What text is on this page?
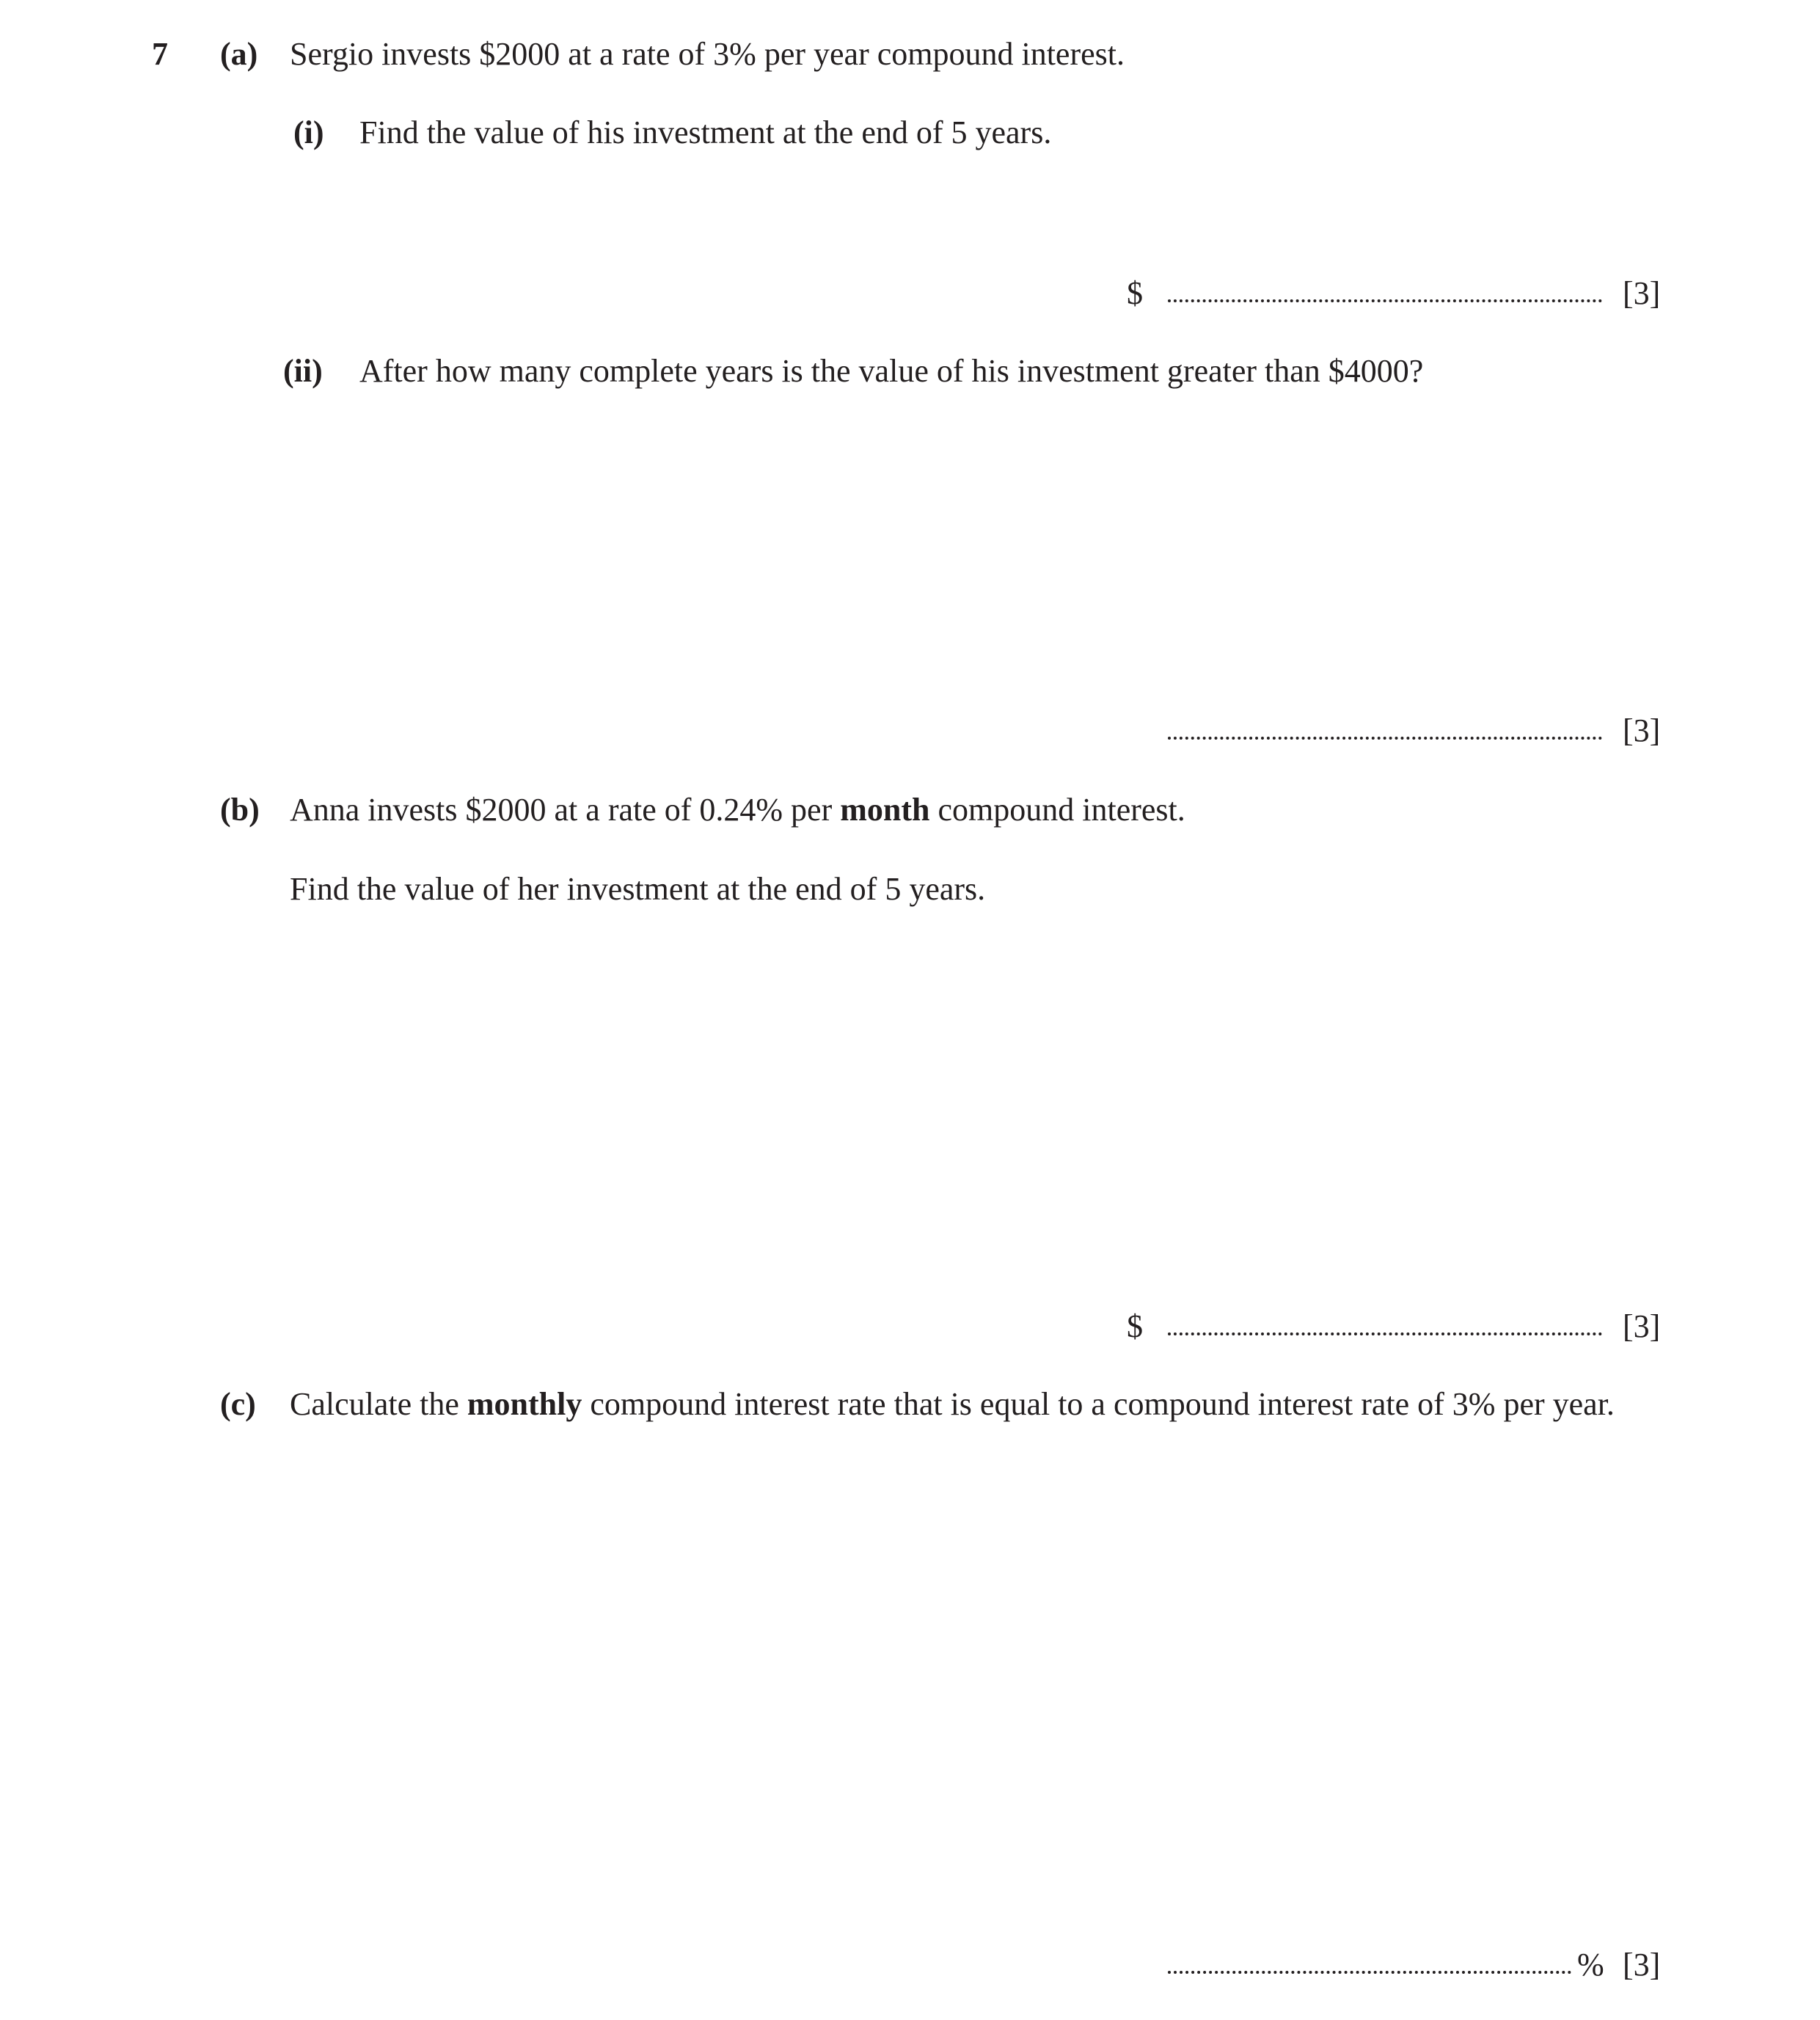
7 (a) Sergio invests $2000 at a rate of 3% per year compound interest.
(i) Find the value of his investment at the end of 5 years.
$	[3]
(ii) After how many complete years is the value of his investment greater than $4000?
[3]
(b) Anna invests $2000 at a rate of 0.24% per month compound interest.
Find the value of her investment at the end of 5 years.
$	[3]
(c) Calculate the monthly compound interest rate that is equal to a compound interest rate of 3% per year.
% [3]
